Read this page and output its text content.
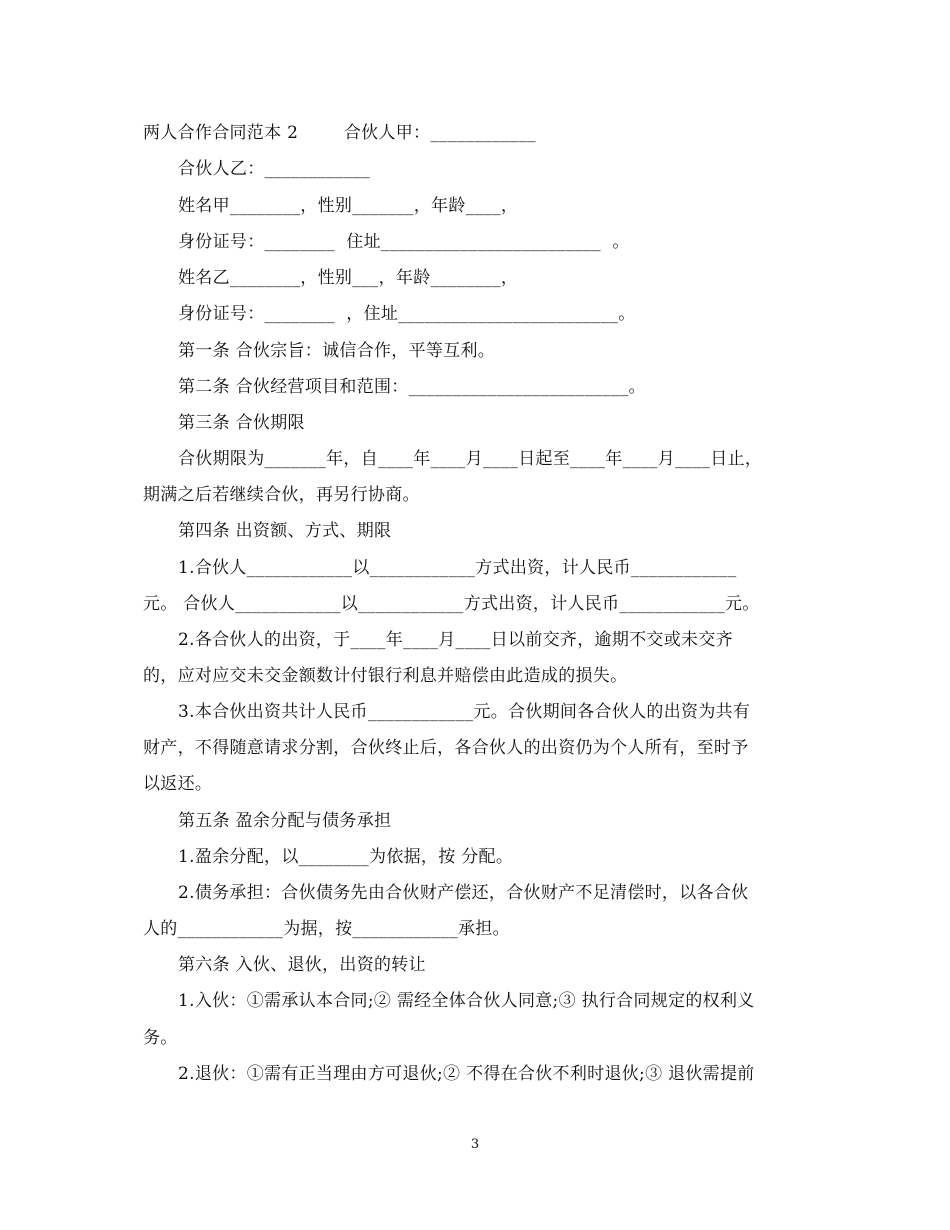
两人合作合同范本 2        合伙人甲：____________
合伙人乙：____________
姓名甲________，性别_______，年龄____，
身份证号：________  住址_________________________  。
姓名乙________，性别___，年龄________，
身份证号：________  ，住址_________________________。
第一条 合伙宗旨：诚信合作，平等互利。
第二条 合伙经营项目和范围：_________________________。
第三条 合伙期限
合伙期限为_______年，自____年____月____日起至____年____月____日止，
期满之后若继续合伙，再另行协商。
第四条 出资额、方式、期限
1.合伙人____________以____________方式出资，计人民币____________
元。 合伙人____________以____________方式出资，计人民币____________元。
2.各合伙人的出资，于____年____月____日以前交齐，逾期不交或未交齐
的，应对应交未交金额数计付银行利息并赔偿由此造成的损失。
3.本合伙出资共计人民币____________元。合伙期间各合伙人的出资为共有
财产，不得随意请求分割，合伙终止后，各合伙人的出资仍为个人所有，至时予
以返还。
第五条 盈余分配与债务承担
1.盈余分配，以________为依据，按 分配。
2.债务承担：合伙债务先由合伙财产偿还，合伙财产不足清偿时，以各合伙
人的____________为据，按____________承担。
第六条 入伙、退伙，出资的转让
1.入伙：①需承认本合同;② 需经全体合伙人同意;③ 执行合同规定的权利义
务。
2.退伙：①需有正当理由方可退伙;② 不得在合伙不利时退伙;③ 退伙需提前
3
